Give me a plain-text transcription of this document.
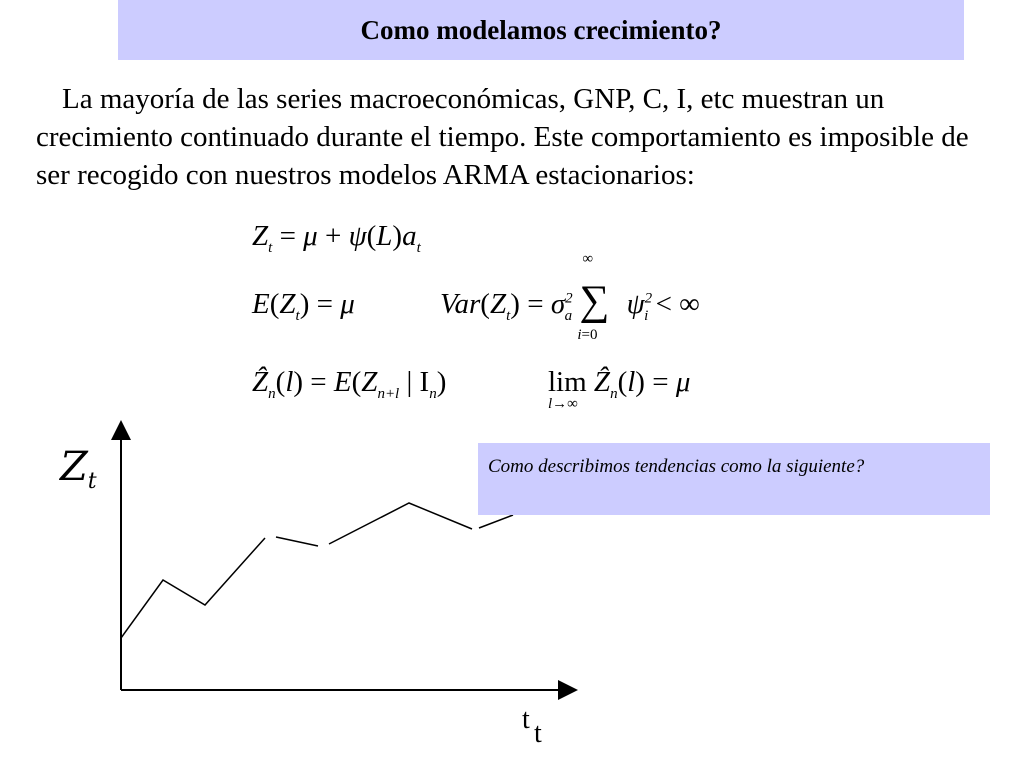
Como modelamos crecimiento?

La mayoría de las series macroeconómicas, GNP, C, I, etc muestran un crecimiento continuado durante el tiempo. Este comportamiento es imposible de ser recogido con nuestros modelos ARMA estacionarios:

$Z_t = \mu + \psi(L)a_t$
$E(Z_t) = \mu$	$Var(Z_t) = \sigma^2_a$
∞
∑
i=0
$\psi^2_i$ < ∞
Ẑ$_n$(l) = $E(Z_{n+l}$ | $I_n$)	lim
l→∞
Ẑ$_n$(l) = μ
$Z_t$
t t
Como describimos tendencias como la siguiente?
